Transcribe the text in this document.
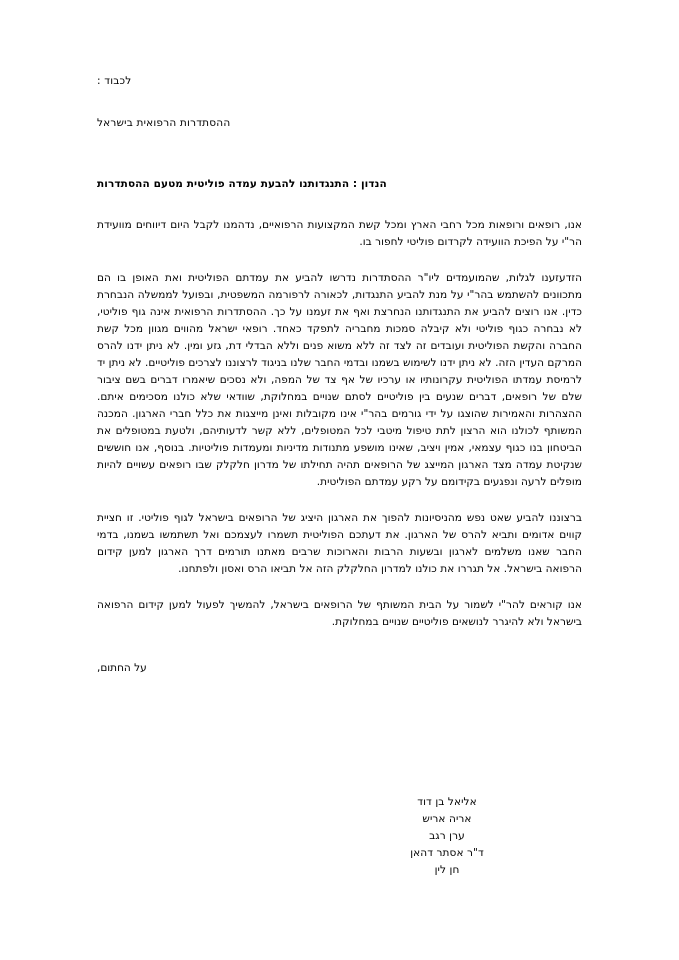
לכבוד :
ההסתדרות הרפואית בישראל
הנדון : התנגדותנו להבעת עמדה פוליטית מטעם ההסתדרות

אנו, רופאים ורופאות מכל רחבי הארץ ומכל קשת המקצועות הרפואיים, נדהמנו לקבל היום דיווחים מוועידת הר"י על הפיכת הוועידה לקרדום פוליטי לחפור בו.

הזדעזענו לגלות, שהמועמדים ליו"ר ההסתדרות נדרשו להביע את עמדתם הפוליטית ואת האופן בו הם מתכוונים להשתמש בהר"י על מנת להביע התנגדות, לכאורה לרפורמה המשפטית, ובפועל לממשלה הנבחרת כדין. אנו רוצים להביע את התנגדותנו הנחרצת ואף את זעמנו על כך. ההסתדרות הרפואית אינה גוף פוליטי, לא נבחרה כגוף פוליטי ולא קיבלה סמכות מחבריה לתפקד כאחד. רופאי ישראל מהווים מגוון מכל קשת החברה והקשת הפוליטית ועובדים זה לצד זה ללא משוא פנים וללא הבדלי דת, גזע ומין. לא ניתן ידנו להרס המרקם העדין הזה. לא ניתן ידנו לשימוש בשמנו ובדמי החבר שלנו בניגוד לרצוננו לצרכים פוליטיים. לא ניתן יד לרמיסת עמדתו הפוליטית עקרונותיו או ערכיו של אף צד של המפה, ולא נסכים שיאמרו דברים בשם ציבור שלם של רופאים, דברים שנעים בין פוליטיים לסתם שנויים במחלוקת, שוודאי שלא כולנו מסכימים איתם. ההצהרות והאמירות שהוצגו על ידי גורמים בהר"י אינו מקובלות ואינן מייצגות את כלל חברי הארגון. המכנה המשותף לכולנו הוא הרצון לתת טיפול מיטבי לכל המטופלים, ללא קשר לדעותיהם, ולטעת במטופלים את הביטחון בנו כגוף עצמאי, אמין ויציב, שאינו מושפע מתנודות מדיניות ומעמדות פוליטיות. בנוסף, אנו חוששים שנקיטת עמדה מצד הארגון המייצג של הרופאים תהיה תחילתו של מדרון חלקלק שבו רופאים עשויים להיות מופלים לרעה ונפגעים בקידומם על רקע עמדתם הפוליטית.

ברצוננו להביע שאט נפש מהניסיונות להפוך את הארגון היציג של הרופאים בישראל לגוף פוליטי. זו חציית קווים אדומים ותביא להרס של הארגון. את דעתכם הפוליטית תשמרו לעצמכם ואל תשתמשו בשמנו, בדמי החבר שאנו משלמים לארגון ובשעות הרבות והארוכות שרבים מאתנו תורמים דרך הארגון למען קידום הרפואה בישראל. אל תגררו את כולנו למדרון החלקלק הזה אל תביאו הרס ואסון ולפתחנו.

אנו קוראים להר"י לשמור על הבית המשותף של הרופאים בישראל, להמשיך לפעול למען קידום הרפואה בישראל ולא להיגרר לנושאים פוליטיים שנויים במחלוקת.

על החתום,
אליאל בן דוד
אריה אריש
ערן רגב
ד"ר אסתר דהאן
חן לין
